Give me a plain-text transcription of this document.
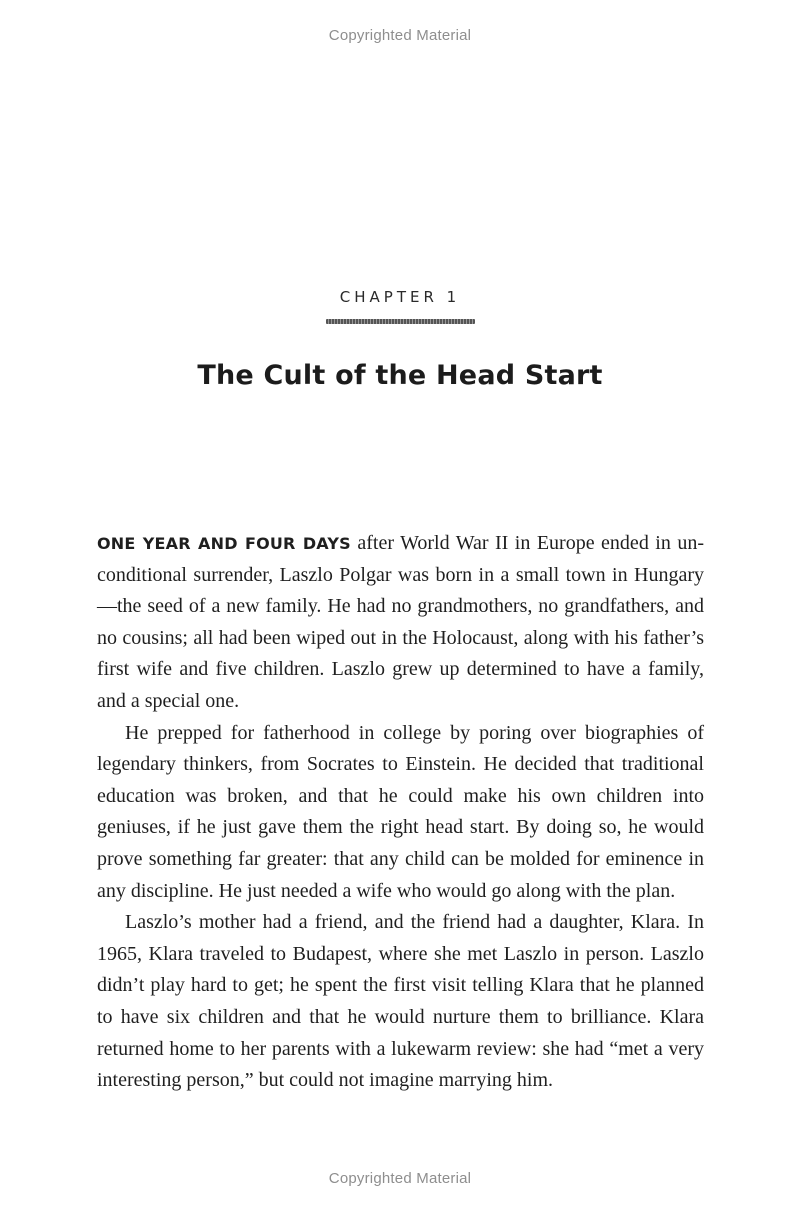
Copyrighted Material
CHAPTER 1
The Cult of the Head Start

ONE YEAR AND FOUR DAYS after World War II in Europe ended in unconditional surrender, Laszlo Polgar was born in a small town in Hungary—the seed of a new family. He had no grandmothers, no grandfathers, and no cousins; all had been wiped out in the Holocaust, along with his father’s first wife and five children. Laszlo grew up determined to have a family, and a special one.

He prepped for fatherhood in college by poring over biographies of legendary thinkers, from Socrates to Einstein. He decided that traditional education was broken, and that he could make his own children into geniuses, if he just gave them the right head start. By doing so, he would prove something far greater: that any child can be molded for eminence in any discipline. He just needed a wife who would go along with the plan.

Laszlo’s mother had a friend, and the friend had a daughter, Klara. In 1965, Klara traveled to Budapest, where she met Laszlo in person. Laszlo didn’t play hard to get; he spent the first visit telling Klara that he planned to have six children and that he would nurture them to brilliance. Klara returned home to her parents with a lukewarm review: she had “met a very interesting person,” but could not imagine marrying him.

Copyrighted Material
